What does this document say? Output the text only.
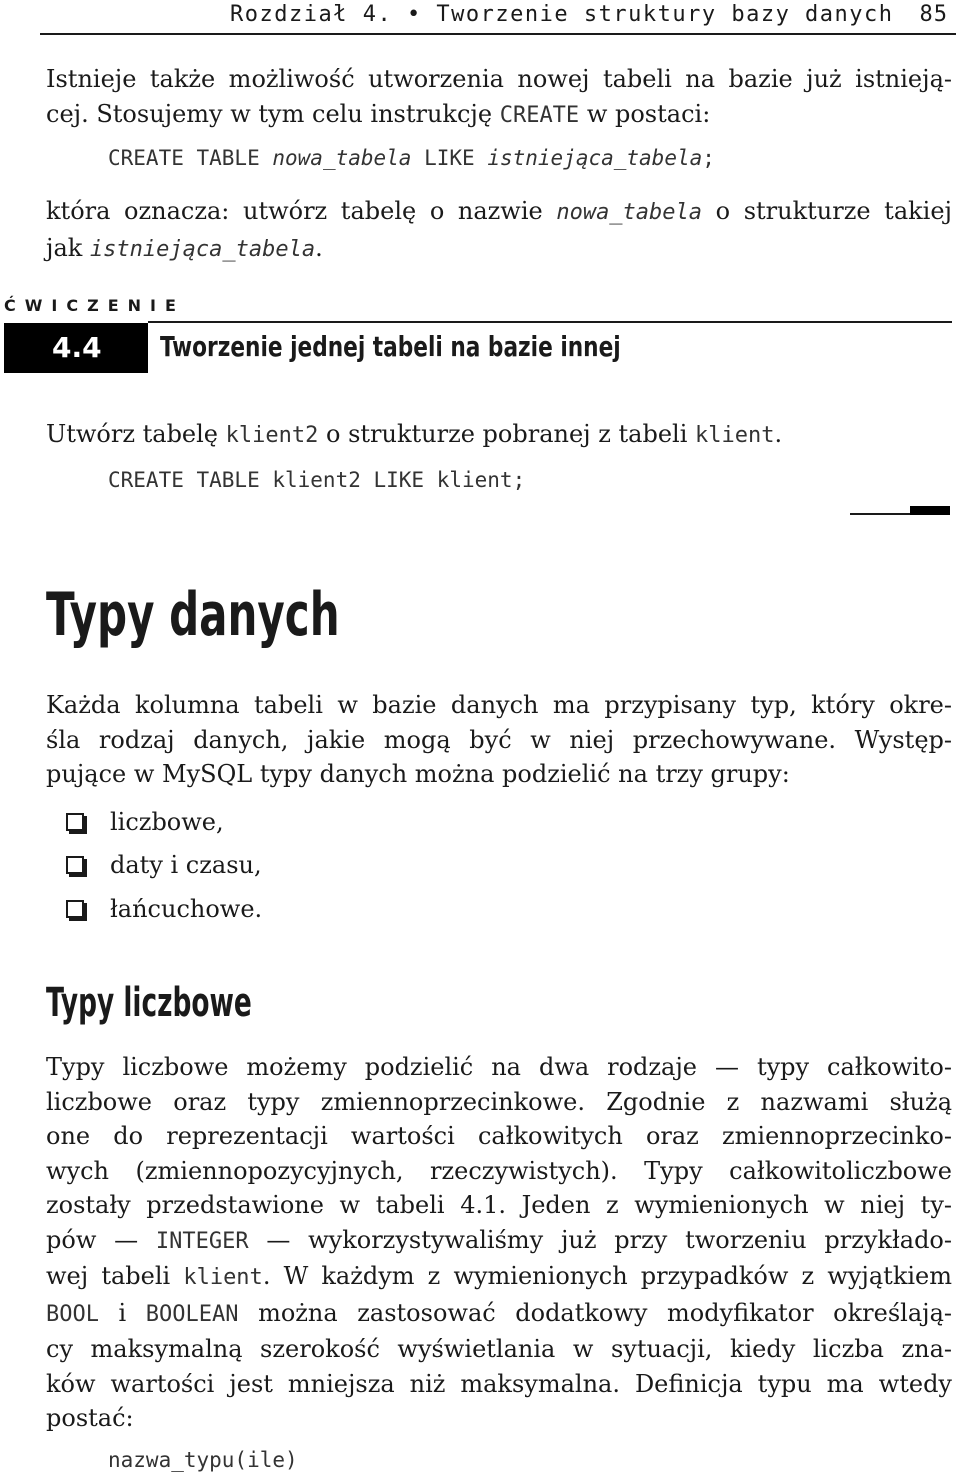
Rozdział 4. • Tworzenie struktury bazy danych 85
Istnieje także możliwość utworzenia nowej tabeli na bazie już istnieją-
cej. Stosujemy w tym celu instrukcję CREATE w postaci:
CREATE TABLE nowa_tabela LIKE istniejąca_tabela;
która oznacza: utwórz tabelę o nazwie nowa_tabela o strukturze takiej
jak istniejąca_tabela.
ĆWICZENIE
4.4	Tworzenie jednej tabeli na bazie innej
Utwórz tabelę klient2 o strukturze pobranej z tabeli klient.
CREATE TABLE klient2 LIKE klient;
Typy danych
Każda kolumna tabeli w bazie danych ma przypisany typ, który okre-
śla rodzaj danych, jakie mogą być w niej przechowywane. Występ-
pujące w MySQL typy danych można podzielić na trzy grupy:
liczbowe,
daty i czasu,
łańcuchowe.
Typy liczbowe
Typy liczbowe możemy podzielić na dwa rodzaje — typy całkowito-
liczbowe oraz typy zmiennoprzecinkowe. Zgodnie z nazwami służą
one do reprezentacji wartości całkowitych oraz zmiennoprzecinko-
wych (zmiennopozycyjnych, rzeczywistych). Typy całkowitoliczbowe
zostały przedstawione w tabeli 4.1. Jeden z wymienionych w niej ty-
pów — INTEGER — wykorzystywaliśmy już przy tworzeniu przykłado-
wej tabeli klient. W każdym z wymienionych przypadków z wyjątkiem
BOOL i BOOLEAN można zastosować dodatkowy modyfikator określają-
cy maksymalną szerokość wyświetlania w sytuacji, kiedy liczba zna-
ków wartości jest mniejsza niż maksymalna. Definicja typu ma wtedy
postać:
nazwa_typu(ile)
